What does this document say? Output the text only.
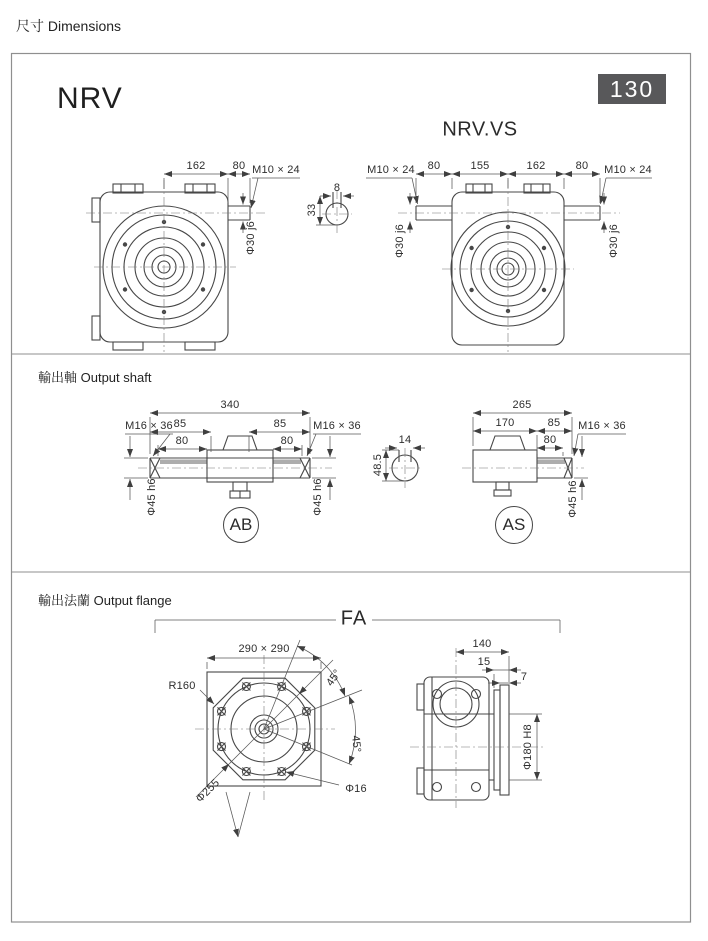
尺寸 Dimensions
NRV	130
NRV.VS
162 80 M10 × 24
Φ30 j6
8
33
M10 × 24 80	155	162	80 M10 × 24
Φ30 j6	Φ30 j6
輸出軸 Output shaft
340
85
80
85
80
M16 × 36	M16 × 36
Φ45 h6	Φ45 h6
AB
14
48.5
265
170	85
80
M16 × 36
Φ45 h6
AS
輸出法蘭 Output flange
FA
290 × 290
R160	45°
45°
Φ255	Φ16
140
15
7
Φ180 H8
